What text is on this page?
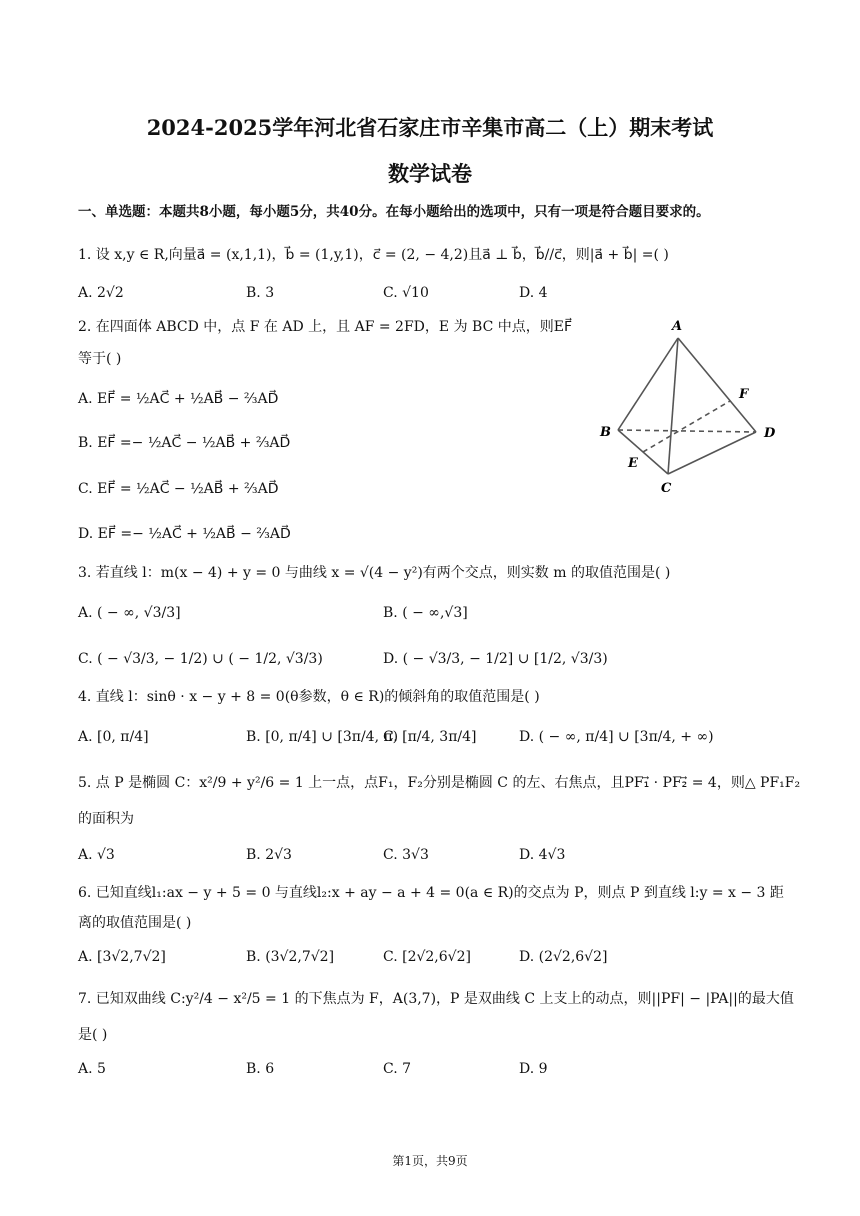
2024-2025学年河北省石家庄市辛集市高二（上）期末考试
数学试卷
一、单选题：本题共8小题，每小题5分，共40分。在每小题给出的选项中，只有一项是符合题目要求的。
1. 设 x,y ∈ R,向量a⃗ = (x,1,1)，b⃗ = (1,y,1)，c⃗ = (2, − 4,2)且a⃗ ⊥ b⃗，b⃗//c⃗，则|a⃗ + b⃗| =( )
A. 2√2	B. 3	C. √10	D. 4
2. 在四面体 ABCD 中，点 F 在 AD 上，且 AF = 2FD，E 为 BC 中点，则EF⃗
等于( )
A. EF⃗ = ½AC⃗ + ½AB⃗ − ⅔AD⃗
B. EF⃗ =− ½AC⃗ − ½AB⃗ + ⅔AD⃗
C. EF⃗ = ½AC⃗ − ½AB⃗ + ⅔AD⃗
D. EF⃗ =− ½AC⃗ + ½AB⃗ − ⅔AD⃗
A
B
C
D
E
F
3. 若直线 l：m(x − 4) + y = 0 与曲线 x = √(4 − y²)有两个交点，则实数 m 的取值范围是( )
A. ( − ∞, √3/3]	B. ( − ∞,√3]
C. ( − √3/3, − 1/2) ∪ ( − 1/2, √3/3)	D. ( − √3/3, − 1/2] ∪ [1/2, √3/3)
4. 直线 l：sinθ · x − y + 8 = 0(θ参数，θ ∈ R)的倾斜角的取值范围是( )
A. [0, π/4]	B. [0, π/4] ∪ [3π/4, π)
C. [π/4, 3π/4]	D. ( − ∞, π/4] ∪ [3π/4, + ∞)
5. 点 P 是椭圆 C：x²/9 + y²/6 = 1 上一点，点F₁，F₂分别是椭圆 C 的左、右焦点，且PF₁⃗ · PF₂⃗ = 4，则△ PF₁F₂
的面积为
A. √3	B. 2√3	C. 3√3	D. 4√3
6. 已知直线l₁:ax − y + 5 = 0 与直线l₂:x + ay − a + 4 = 0(a ∈ R)的交点为 P，则点 P 到直线 l:y = x − 3 距
离的取值范围是( )
A. [3√2,7√2]	B. (3√2,7√2]	C. [2√2,6√2]	D. (2√2,6√2]
7. 已知双曲线 C:y²/4 − x²/5 = 1 的下焦点为 F，A(3,7)，P 是双曲线 C 上支上的动点，则||PF| − |PA||的最大值
是( )
A. 5	B. 6	C. 7	D. 9
第1页，共9页
